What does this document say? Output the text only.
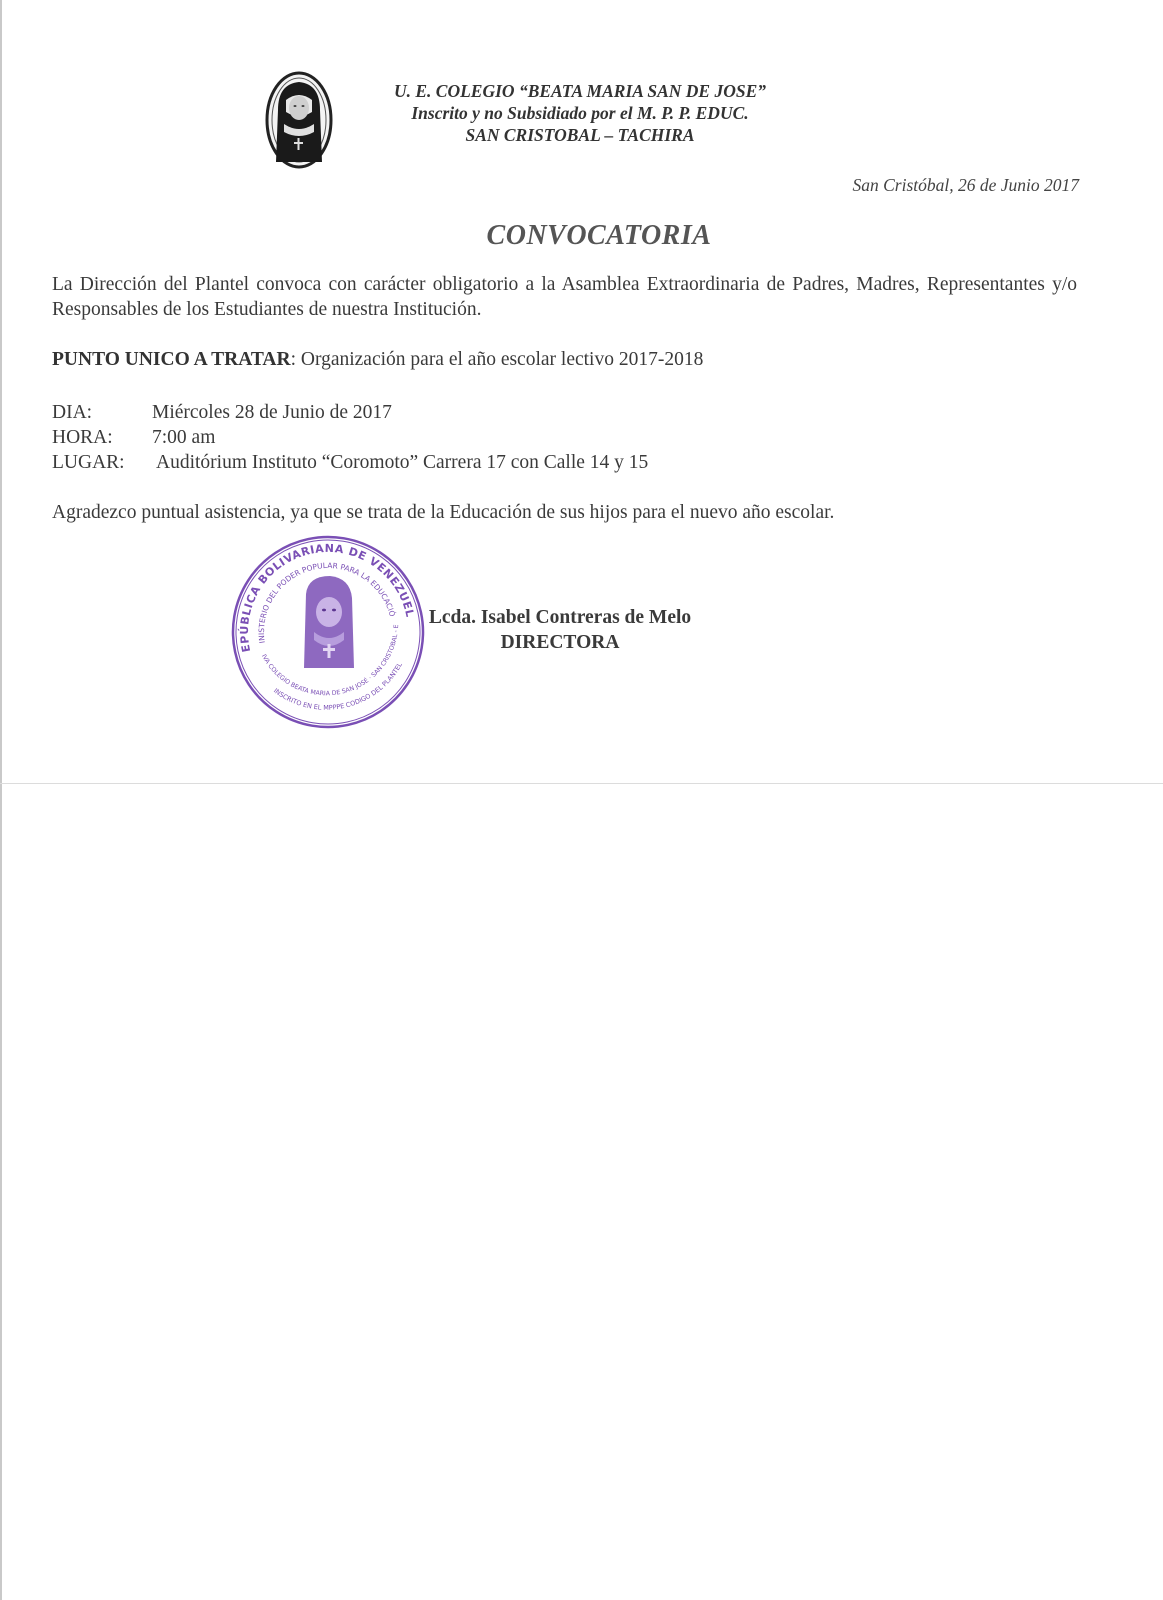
U. E. COLEGIO “BEATA MARIA SAN DE JOSE”
Inscrito y no Subsidiado por el M. P. P. EDUC.
SAN CRISTOBAL – TACHIRA
San Cristóbal, 26 de Junio 2017
CONVOCATORIA
La Dirección del Plantel convoca con carácter obligatorio a la Asamblea Extraordinaria de Padres, Madres, Representantes y/o Responsables de los Estudiantes de nuestra Institución.
PUNTO UNICO A TRATAR: Organización para el año escolar lectivo 2017-2018
DIA:	Miércoles 28 de Junio de 2017
HORA:	7:00 am
LUGAR:	Auditórium Instituto “Coromoto” Carrera 17 con Calle 14 y 15
Agradezco puntual asistencia, ya que se trata de la Educación de sus hijos para el nuevo año escolar.
REPÚBLICA BOLIVARIANA DE VENEZUELA
MINISTERIO DEL PODER POPULAR PARA LA EDUCACIÓN
EDUCATIVA COLEGIO BEATA MARIA DE SAN JOSÉ · SAN CRISTOBAL - ESTADO
INSCRITO EN EL MPPPE CODIGO DEL PLANTEL
Lcda. Isabel Contreras de Melo
DIRECTORA
